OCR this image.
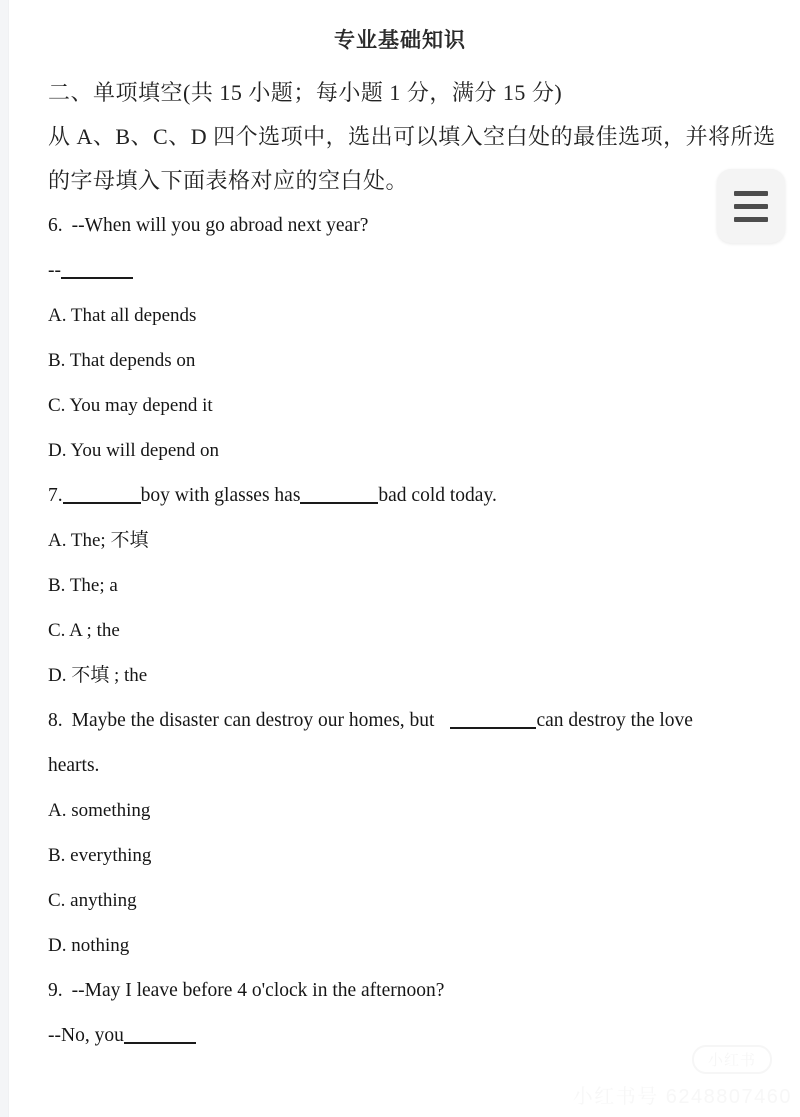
专业基础知识
二、单项填空(共 15 小题；每小题 1 分，满分 15 分)
从 A、B、C、D 四个选项中，选出可以填入空白处的最佳选项，并将所选
的字母填入下面表格对应的空白处。
6. --When will you go abroad next year?
--
A. That all depends
B. That depends on
C. You may depend it
D. You will depend on
7.	boy with glasses has	bad cold today.
A. The; 不填
B. The; a
C. A ; the
D. 不填 ; the
8. Maybe the disaster can destroy our homes, but	can destroy the love
hearts.
A. something
B. everything
C. anything
D. nothing
9. --May I leave before 4 o'clock in the afternoon?
--No, you
小红书
小红书号 6248807460
